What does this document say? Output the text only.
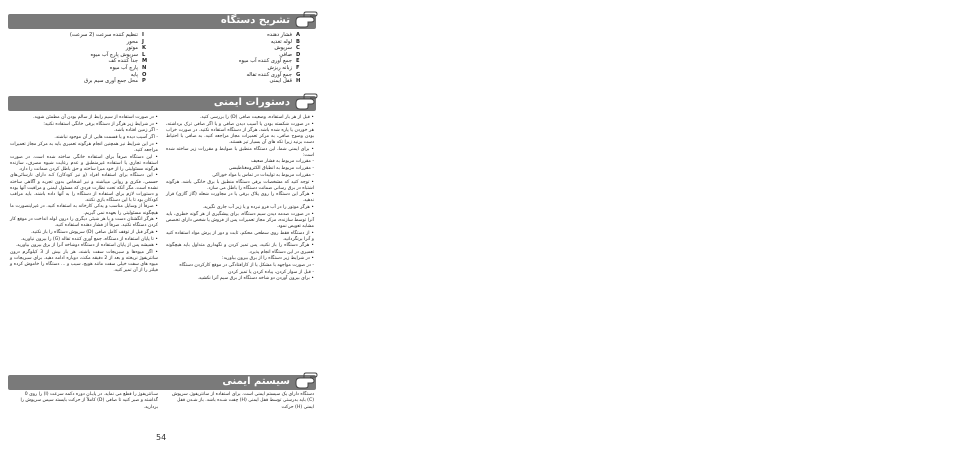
تشریح دستگاه
A
فشار دهنده
B
لوله تغذیه
C
سرپوش
D
صافی
E
جمع آوری کننده آب میوه
F
زبانه ریزش
G
جمع آوری کننده تفاله
H
قفل ایمنی
I
تنظیم کننده سرعت (2 سرعت)
J
محور
K
موتور
L
سرپوش پارچ آب میوه
M
جدا کننده کف
N
پارچ آب میوه
O
پایه
P
محل جمع آوری سیم برق
دستورات ایمنی

• قبل از هر بار استفاده، وضعیت صافی (D) را بررسی کنید.

• در صورت شکسته بودن یا آسیب دیدن صافی و یا اگر صافی ترک برداشته، هر خوردن یا پاره شده باشد، هرگز از دستگاه استفاده نکنید. در صورت خراب بودن وضوح صافی، به مرکز تعمیرات مجاز مراجعه کنید. به صافی با احتیاط دست بزنید زیرا تکه های آن بسیار تیز هستند.

• برای ایمنی شما، این دستگاه منطبق با ضوابط و مقررات زیر ساخته شده است:

- مقررات مربوط به فشار ضعیف

- مقررات مربوط به انطباق الکترومغناطیسی

- مقررات مربوط به تولیدات در تماس با مواد خوراکی

• توجه کنید که مشخصات برقی دستگاه منطبق با برق خانگی باشد. هرگونه اشتباه در برق رسانی ضمانت دستگاه را باطل می سازد.

• هرگز این دستگاه را روی پلاک برقی یا در مجاورت شعله (گاز گازی) قرار ندهید.

• هرگز موتور را در آب فرو نبرده و یا زیر آب جاری نگیرید.

• در صورت صدمه دیدن سیم دستگاه، برای پیشگیری از هر گونه خطری، باید آنرا توسط سازنده، مرکز مجاز تعمیرات پس از فروش یا شخص دارای تخصص مشابه تعویض نمود.

• از دستگاه فقط روی سطحی محکم، ثابت و دور از پرش مواد استفاده کنید و آنرا برنگردانید.

• هرگز دستگاه را باز نکنید، پس تمیز کردن و نگهداری متداول باید هیچگونه تعمیری در این دستگاه انجام پذیرد.

• در شرایط زیر دستگاه را از برق بیرون بیاورید:

- در صورت مواجهه با مشکل یا از کارافتادگی در موقع کارکردن دستگاه

- قبل از سوار کردن، پیاده کردن یا تمیز کردن

• برای بیرون آوردن دو شاخه دستگاه از برق سیم آنرا نکشید.

• در صورت استفاده از سیم رابط از سالم بودن آن مطمئن شوید.

• در شرایط زیر هرگز از دستگاه برقی خانگی استفاده نکنید:

- اگر زمین افتاده باشد.

- اگر آسیب دیده و یا قسمت هایی از آن موجود نباشند.

• در این شرایط نیز همچنین انجام هرگونه تعمیری باید به مرکز مجاز تعمیرات مراجعه کنید.

• این دستگاه صرفاً برای استفاده خانگی ساخته شده است. در صورت استفاده تجاری یا استفاده غیرمنطبق و عدم رعایت شیوه مصرف، سازنده هرگونه مسئولیتی را از خود مبرا ساخته و حق باطل کردن ضمانت را دارد.

• این دستگاه برای استفاده افراد (و نیز کودکان) کـه دارای نارسائی‌های حسمی، فکری و روانی میباشند و نیز اشخاص بدون تجربه و آگاهی ساخته نشده است، مگر آنکه تحت نظارت فردی که مسئول ایمنی و مراقبت آنها بوده و دستورات لازم برای استفاده از دستگاه را به آنها داده باشند. باید مراقب کودکان بود تا با این دستگاه بازی نکنند.

• صرفاً از وسایل مناسب و یدکی کارخانه به استفاده کنید. در غیراینصورت ما هیچگونه مسئولیتی را بعهده نمی گیریم.

• هرگز انگشتان دست و یا هر شیئی دیگری را درون لوله انداخت در موقع کار کردن دستگاه نکنید. صرفاً از فشار دهنده استفاده کنید.

• هرگز قبل از توقف کامل صافی (D) سرپوش دستگاه را باز نکنید.

• تا پایان استفاده از دستگاه، جمع آوری کننده تفاله (G) را بیرون نیاورید.

• همیشه پس از پایان استفاده از دستگاه دوشاخه آنرا از برق بیرون بیاورید.

• اگر میوه‌ها و سبزیجات سفت باشند، هر بار بیش از 3 کیلوگرم درون سانتریفوژ نریخته و بعد از 2 دقیقه مکث، دوباره ادامه دهید. برای سبزیجات و میوه های سفت خیلی سفت مانند هویج، سیب و ... دستگاه را خاموش کرده و فیلتر را از آن تمیز کنید.

سیستم ایمنی
دستگاه دارای یک سیستم ایمنی است. برای استفاده از سانتریفوژ، سرپوش (C) باید بدرستی توسط قفل ایمنی (H) چفت شـده باشد. باز شـدن قفل ایمنی (H) حرکت
سـانتریفوژ را قطع می نماید. در پایـان دوره دکمه سرعت (I) را روی 0 گذاشته و صبر کنید تا صافی (D) کاملاً از حرکت بایستد سپس سرپوش را بردارید.
54
